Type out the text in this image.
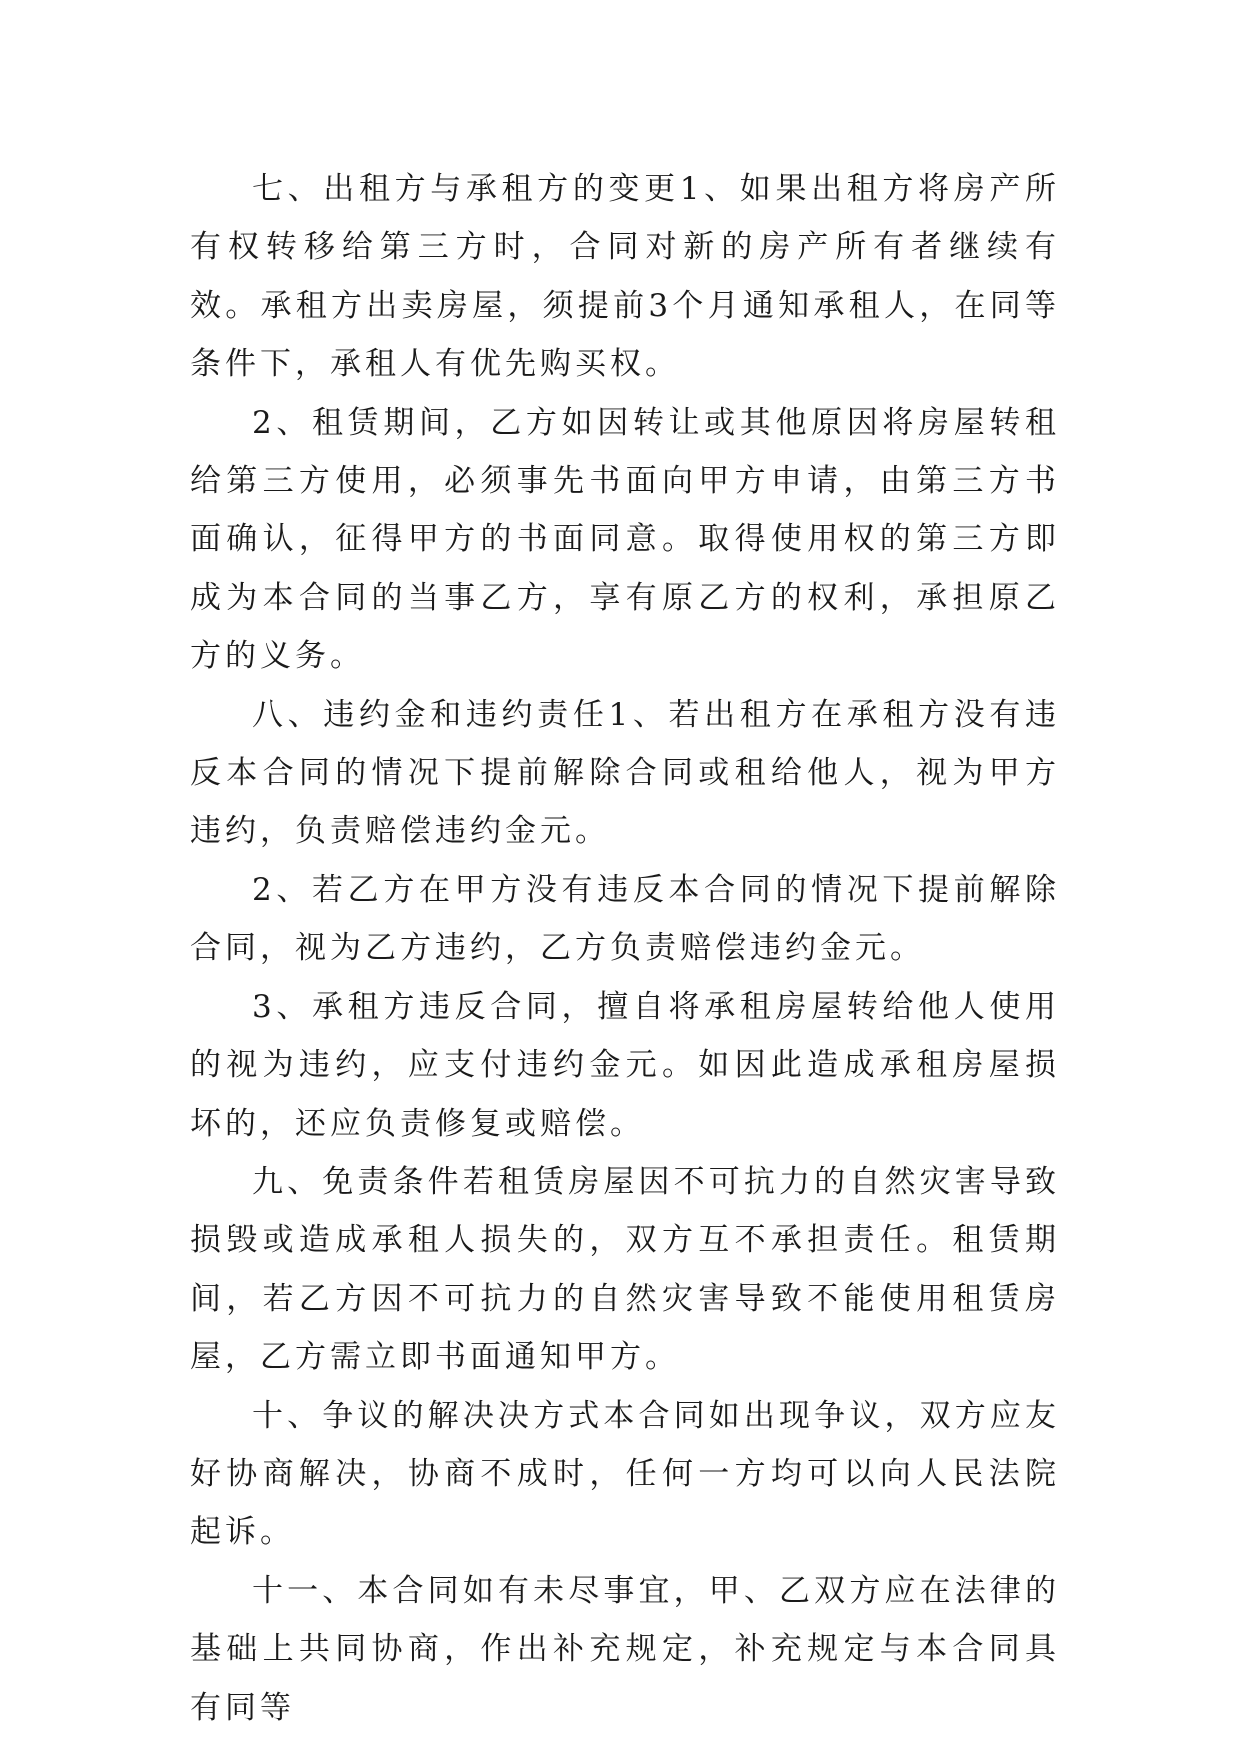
七、出租方与承租方的变更1、如果出租方将房产所有权转移给第三方时，合同对新的房产所有者继续有效。承租方出卖房屋，须提前3个月通知承租人，在同等条件下，承租人有优先购买权。

2、租赁期间，乙方如因转让或其他原因将房屋转租给第三方使用，必须事先书面向甲方申请，由第三方书面确认，征得甲方的书面同意。取得使用权的第三方即成为本合同的当事乙方，享有原乙方的权利，承担原乙方的义务。

八、违约金和违约责任1、若出租方在承租方没有违反本合同的情况下提前解除合同或租给他人，视为甲方违约，负责赔偿违约金元。

2、若乙方在甲方没有违反本合同的情况下提前解除合同，视为乙方违约，乙方负责赔偿违约金元。

3、承租方违反合同，擅自将承租房屋转给他人使用的视为违约，应支付违约金元。如因此造成承租房屋损坏的，还应负责修复或赔偿。

九、免责条件若租赁房屋因不可抗力的自然灾害导致损毁或造成承租人损失的，双方互不承担责任。租赁期间，若乙方因不可抗力的自然灾害导致不能使用租赁房屋，乙方需立即书面通知甲方。

十、争议的解决决方式本合同如出现争议，双方应友好协商解决，协商不成时，任何一方均可以向人民法院起诉。

十一、本合同如有未尽事宜，甲、乙双方应在法律的基础上共同协商，作出补充规定，补充规定与本合同具有同等
